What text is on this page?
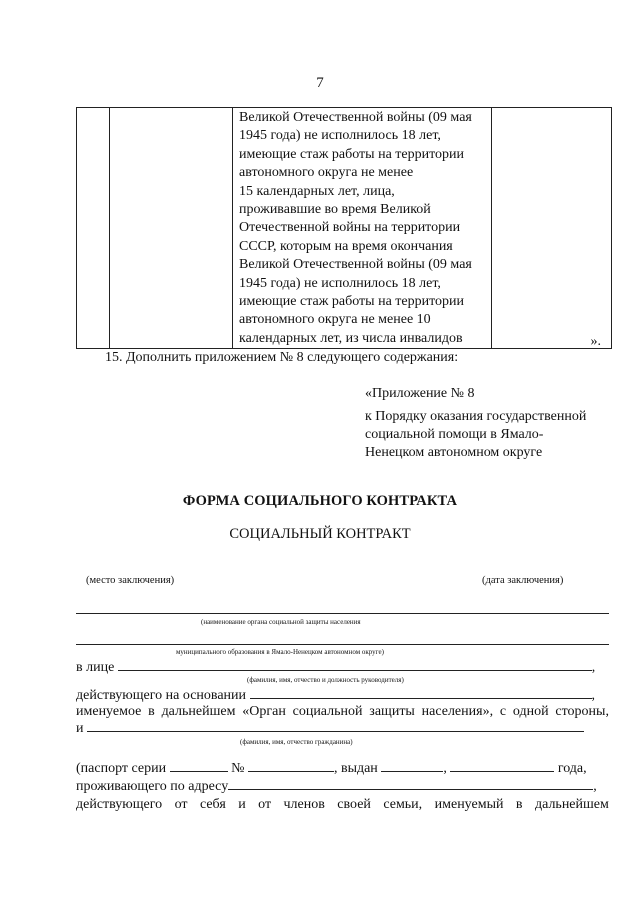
7

Великой Отечественной войны (09 мая
1945 года) не исполнилось 18 лет,
имеющие стаж работы на территории
автономного округа не менее
15 календарных лет, лица,
проживавшие во время Великой
Отечественной войны на территории
СССР, которым на время окончания
Великой Отечественной войны (09 мая
1945 года) не исполнилось 18 лет,
имеющие стаж работы на территории
автономного округа не менее 10
календарных лет, из числа инвалидов
		».
15. Дополнить приложением № 8 следующего содержания:
«Приложение № 8
к Порядку оказания государственной
социальной помощи в Ямало-
Ненецком автономном округе
ФОРМА СОЦИАЛЬНОГО КОНТРАКТА
СОЦИАЛЬНЫЙ КОНТРАКТ
(место заключения)	(дата заключения)
(наименование органа социальной защиты населения
муниципального образования в Ямало-Ненецком автономном округе)
в лице	,
(фамилия, имя, отчество и должность руководителя)
действующего на основании	,
именуемое в дальнейшем «Орган социальной защиты населения», с одной стороны,
и
(фамилия, имя, отчество гражданина)
(паспорт серии	№	, выдан	,	года,
проживающего по адресу	,
действующего от себя и от членов своей семьи, именуемый в дальнейшем
